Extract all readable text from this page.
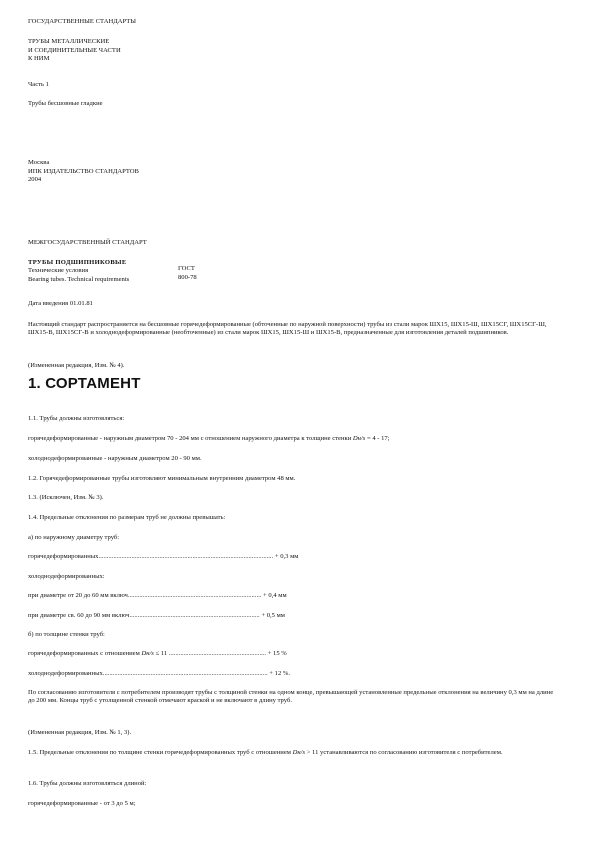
ГОСУДАРСТВЕННЫЕ СТАНДАРТЫ
ТРУБЫ МЕТАЛЛИЧЕСКИЕ
И СОЕДИНИТЕЛЬНЫЕ ЧАСТИ
К НИМ
Часть 1
Трубы бесшовные гладкие
Москва
ИПК ИЗДАТЕЛЬСТВО СТАНДАРТОВ
2004
МЕЖГОСУДАРСТВЕННЫЙ СТАНДАРТ
ТРУБЫ ПОДШИПНИКОВЫЕ
Технические условия
Bearing tubes. Technical requirements
ГОСТ
800-78
Дата введения 01.01.81
Настоящий стандарт распространяется на бесшовные горячедеформированные (обточенные по наружной поверхности) трубы из стали марок ШХ15, ШХ15-Ш, ШХ15СГ, ШХ15СГ-Ш, ШХ15-В, ШХ15СГ-В и холоднодеформированные (необточенные) из стали марок ШХ15, ШХ15-Ш и ШХ15-В, предназначенные для изготовления деталей подшипников.
(Измененная редакция, Изм. № 4).
1. СОРТАМЕНТ
1.1. Трубы должны изготовляться:
горячедеформированные - наружным диаметром 70 - 204 мм с отношением наружного диаметра к толщине стенки Dн/s = 4 - 17;
холоднодеформированные - наружным диаметром 20 - 90 мм.
1.2. Горячедеформированные трубы изготовляют минимальным внутренним диаметром 48 мм.
1.3. (Исключен, Изм. № 3).
1.4. Предельные отклонения по размерам труб не должны превышать:
а) по наружному диаметру труб:
горячедеформированных.......................................................................................................... + 0,3 мм
холоднодеформированных:
при диаметре от 20 до 60 мм включ................................................................................. + 0,4 мм
при диаметре св. 60 до 90 мм включ............................................................................... + 0,5 мм
б) по толщине стенки труб:
горячедеформированных с отношением Dн/s ≤ 11 ........................................................... + 15 %
холоднодеформированных.................................................................................................... + 12 %.
По согласованию изготовителя с потребителем производят трубы с толщиной стенки на одном конце, превышающей установленные предельные отклонения на величину 0,3 мм на длине до 200 мм. Концы труб с утолщенной стенкой отмечают краской и не включают в длину труб.
(Измененная редакция, Изм. № 1, 3).
1.5. Предельные отклонения по толщине стенки горячедеформированных труб с отношением Dн/s > 11 устанавливаются по согласованию изготовителя с потребителем.
1.6. Трубы должны изготовляться длиной:
горячедеформированные - от 3 до 5 м;
